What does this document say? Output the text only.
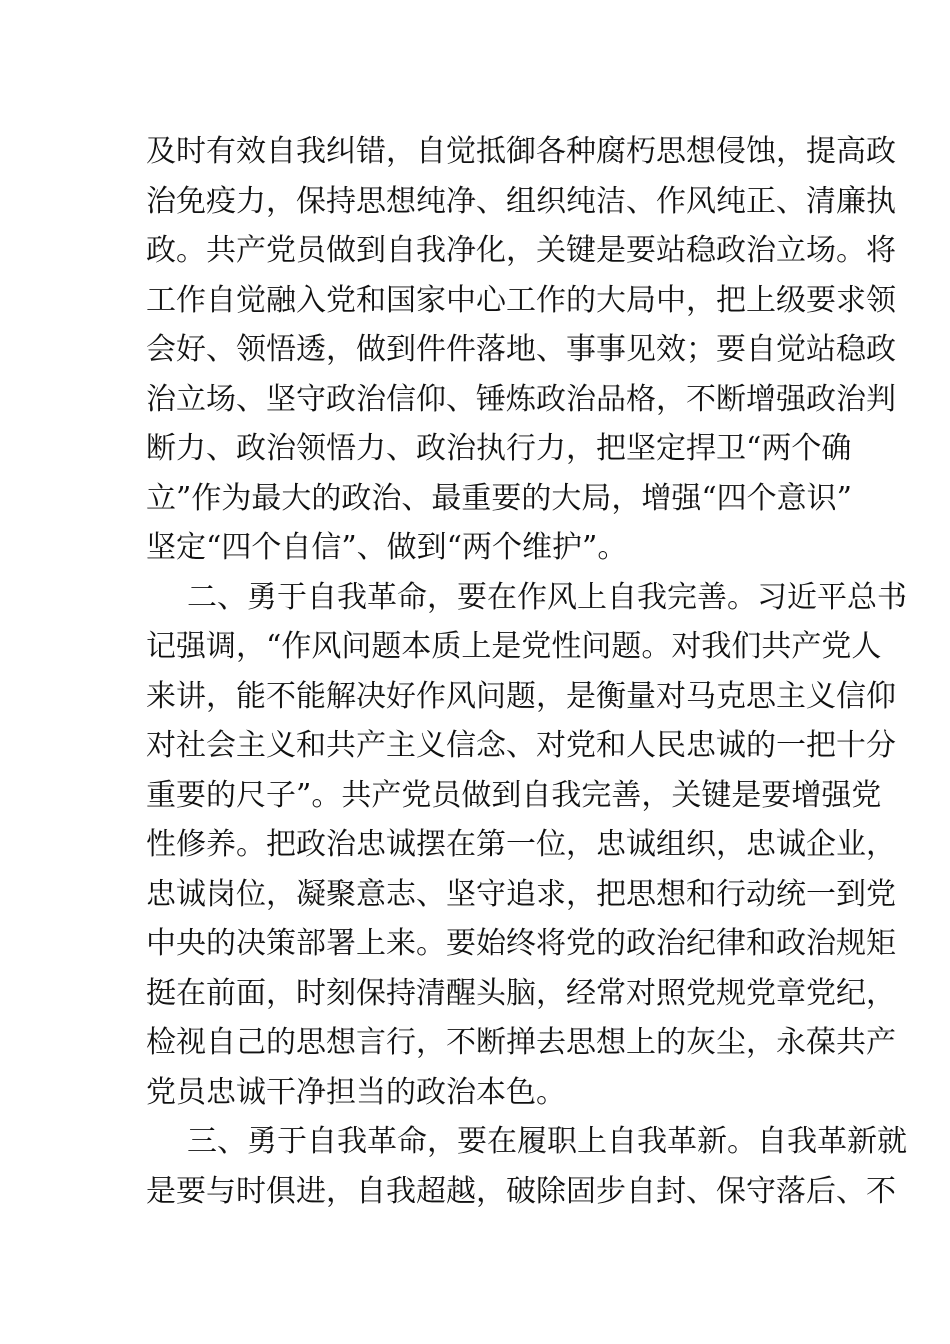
及时有效自我纠错，自觉抵御各种腐朽思想侵蚀，提高政
治免疫力，保持思想纯净、组织纯洁、作风纯正、清廉执
政。共产党员做到自我净化，关键是要站稳政治立场。将
工作自觉融入党和国家中心工作的大局中，把上级要求领
会好、领悟透，做到件件落地、事事见效；要自觉站稳政
治立场、坚守政治信仰、锤炼政治品格，不断增强政治判
断力、政治领悟力、政治执行力，把坚定捍卫“两个确
立”作为最大的政治、最重要的大局，增强“四个意识”
坚定“四个自信”、做到“两个维护”。
二、勇于自我革命，要在作风上自我完善。习近平总书
记强调，“作风问题本质上是党性问题。对我们共产党人
来讲，能不能解决好作风问题，是衡量对马克思主义信仰
对社会主义和共产主义信念、对党和人民忠诚的一把十分
重要的尺子”。共产党员做到自我完善，关键是要增强党
性修养。把政治忠诚摆在第一位，忠诚组织，忠诚企业，
忠诚岗位，凝聚意志、坚守追求，把思想和行动统一到党
中央的决策部署上来。要始终将党的政治纪律和政治规矩
挺在前面，时刻保持清醒头脑，经常对照党规党章党纪，
检视自己的思想言行，不断掸去思想上的灰尘，永葆共产
党员忠诚干净担当的政治本色。
三、勇于自我革命，要在履职上自我革新。自我革新就
是要与时俱进，自我超越，破除固步自封、保守落后、不
